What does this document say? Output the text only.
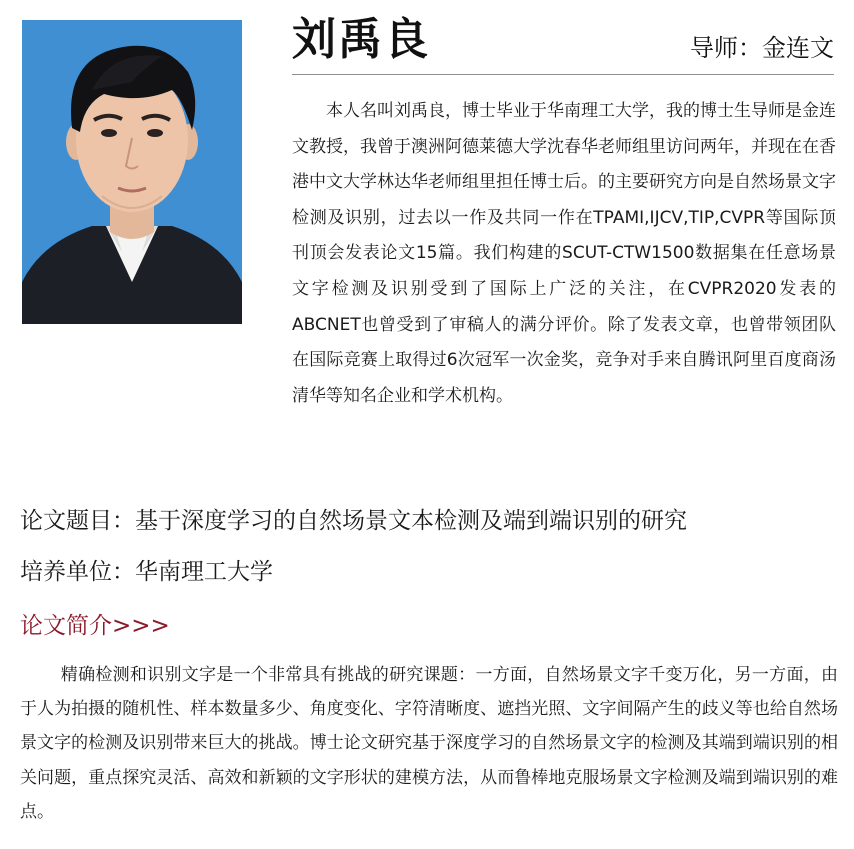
刘禹良	导师：金连文

本人名叫刘禹良，博士毕业于华南理工大学，我的博士生导师是金连文教授，我曾于澳洲阿德莱德大学沈春华老师组里访问两年，并现在在香港中文大学林达华老师组里担任博士后。的主要研究方向是自然场景文字检测及识别，过去以一作及共同一作在TPAMI,IJCV,TIP,CVPR等国际顶刊顶会发表论文15篇。我们构建的SCUT-CTW1500数据集在任意场景文字检测及识别受到了国际上广泛的关注，在CVPR2020发表的ABCNET也曾受到了审稿人的满分评价。除了发表文章，也曾带领团队在国际竞赛上取得过6次冠军一次金奖，竞争对手来自腾讯阿里百度商汤清华等知名企业和学术机构。

论文题目：基于深度学习的自然场景文本检测及端到端识别的研究
培养单位：华南理工大学
论文简介>>>

精确检测和识别文字是一个非常具有挑战的研究课题：一方面，自然场景文字千变万化，另一方面，由于人为拍摄的随机性、样本数量多少、角度变化、字符清晰度、遮挡光照、文字间隔产生的歧义等也给自然场景文字的检测及识别带来巨大的挑战。博士论文研究基于深度学习的自然场景文字的检测及其端到端识别的相关问题，重点探究灵活、高效和新颖的文字形状的建模方法，从而鲁棒地克服场景文字检测及端到端识别的难点。
